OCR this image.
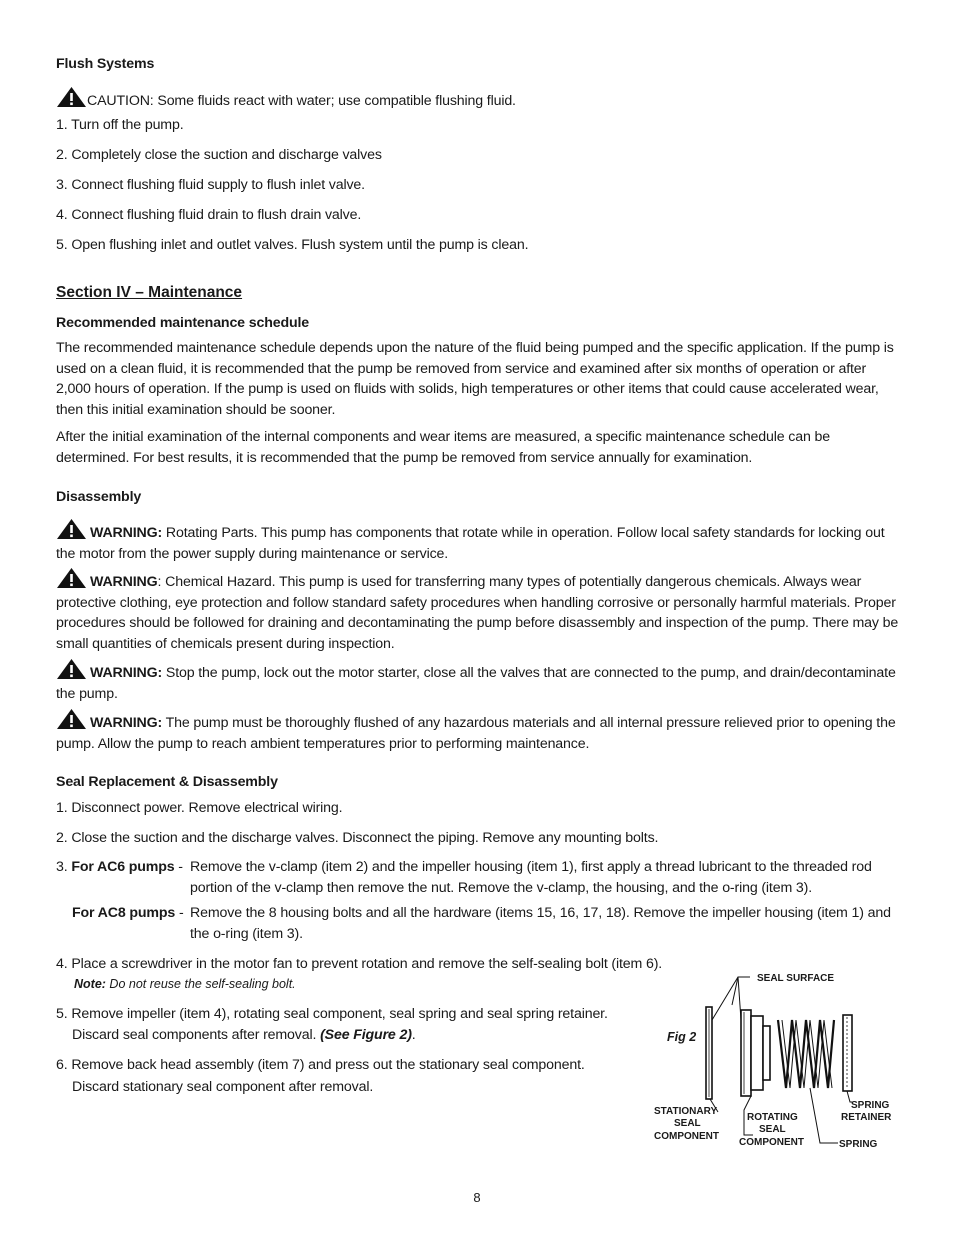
Flush Systems
CAUTION: Some fluids react with water; use compatible flushing fluid.
1. Turn off the pump.
2. Completely close the suction and discharge valves
3. Connect flushing fluid supply to flush inlet valve.
4. Connect flushing fluid drain to flush drain valve.
5. Open flushing inlet and outlet valves. Flush system until the pump is clean.
Section IV – Maintenance
Recommended maintenance schedule
The recommended maintenance schedule depends upon the nature of the fluid being pumped and the specific application. If the pump is used on a clean fluid, it is recommended that the pump be removed from service and examined after six months of operation or after 2,000 hours of operation. If the pump is used on fluids with solids, high temperatures or other items that could cause accelerated wear, then this initial examination should be sooner.
After the initial examination of the internal components and wear items are measured, a specific maintenance schedule can be determined. For best results, it is recommended that the pump be removed from service annually for examination.
Disassembly
WARNING: Rotating Parts. This pump has components that rotate while in operation. Follow local safety standards for locking out the motor from the power supply during maintenance or service.
WARNING: Chemical Hazard. This pump is used for transferring many types of potentially dangerous chemicals. Always wear protective clothing, eye protection and follow standard safety procedures when handling corrosive or personally harmful materials. Proper procedures should be followed for draining and decontaminating the pump before disassembly and inspection of the pump. There may be small quantities of chemicals present during inspection.
WARNING: Stop the pump, lock out the motor starter, close all the valves that are connected to the pump, and drain/decontaminate the pump.
WARNING: The pump must be thoroughly flushed of any hazardous materials and all internal pressure relieved prior to opening the pump. Allow the pump to reach ambient temperatures prior to performing maintenance.
Seal Replacement & Disassembly
1. Disconnect power. Remove electrical wiring.
2. Close the suction and the discharge valves. Disconnect the piping. Remove any mounting bolts.
3. For AC6 pumps - Remove the v-clamp (item 2) and the impeller housing (item 1), first apply a thread lubricant to the threaded rod portion of the v-clamp then remove the nut. Remove the v-clamp, the housing, and the o-ring (item 3).
For AC8 pumps - Remove the 8 housing bolts and all the hardware (items 15, 16, 17, 18). Remove the impeller housing (item 1) and the o-ring (item 3).
4. Place a screwdriver in the motor fan to prevent rotation and remove the self-sealing bolt (item 6).
Note: Do not reuse the self-sealing bolt.
5. Remove impeller (item 4), rotating seal component, seal spring and seal spring retainer.
Discard seal components after removal. (See Figure 2).
6. Remove back head assembly (item 7) and press out the stationary seal component.
Discard stationary seal component after removal.
Fig 2
SEAL SURFACE
STATIONARY
SEAL
COMPONENT
ROTATING
SEAL
COMPONENT
SPRING
RETAINER
SPRING
8
